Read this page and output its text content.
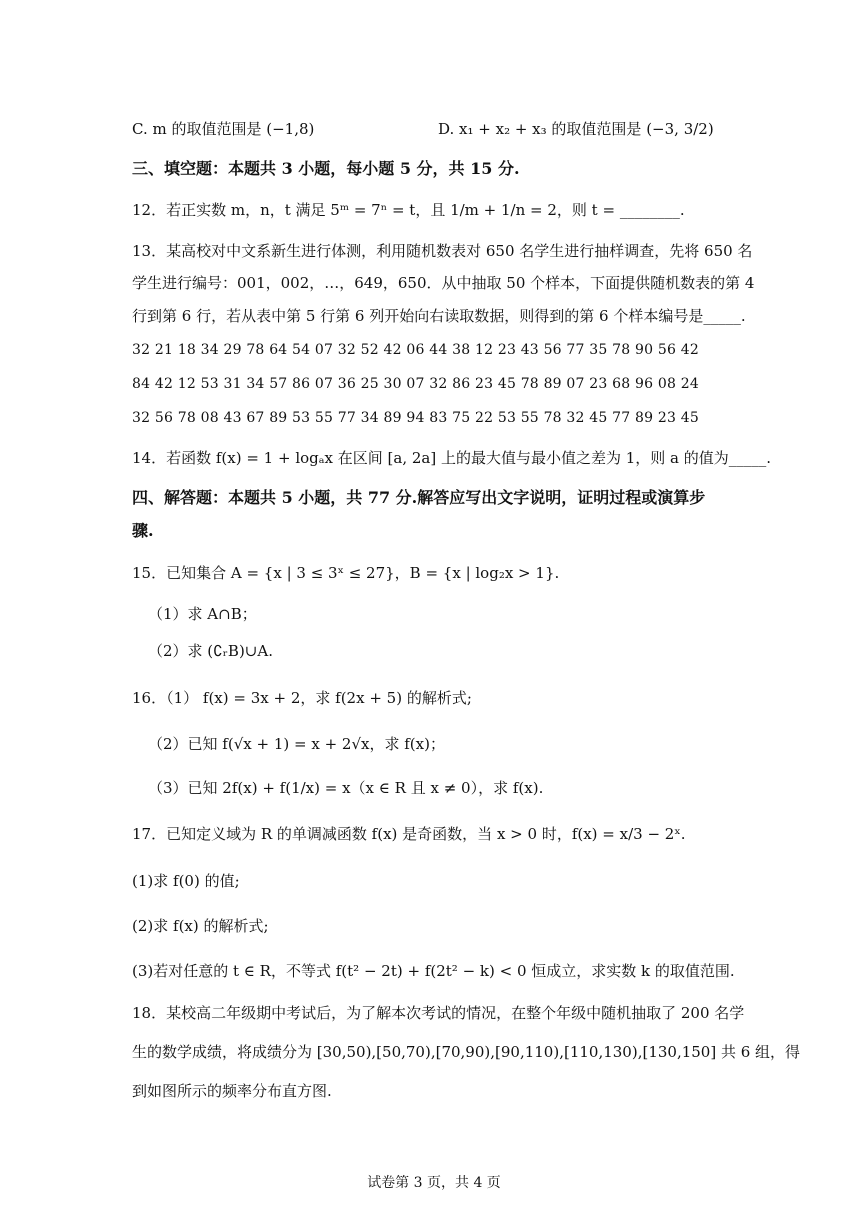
C. m 的取值范围是 (−1,8)	D. x₁ + x₂ + x₃ 的取值范围是 (−3, 3/2)
三、填空题：本题共 3 小题，每小题 5 分，共 15 分.
12．若正实数 m，n，t 满足 5ᵐ = 7ⁿ = t，且 1/m + 1/n = 2，则 t = ________.
13．某高校对中文系新生进行体测，利用随机数表对 650 名学生进行抽样调查，先将 650 名
学生进行编号：001，002，…，649，650．从中抽取 50 个样本，下面提供随机数表的第 4
行到第 6 行，若从表中第 5 行第 6 列开始向右读取数据，则得到的第 6 个样本编号是_____.
32 21 18 34 29 78 64 54 07 32 52 42 06 44 38 12 23 43 56 77 35 78 90 56 42
84 42 12 53 31 34 57 86 07 36 25 30 07 32 86 23 45 78 89 07 23 68 96 08 24
32 56 78 08 43 67 89 53 55 77 34 89 94 83 75 22 53 55 78 32 45 77 89 23 45
14．若函数 f(x) = 1 + logₐx 在区间 [a, 2a] 上的最大值与最小值之差为 1，则 a 的值为_____.
四、解答题：本题共 5 小题，共 77 分.解答应写出文字说明，证明过程或演算步
骤.
15．已知集合 A = {x | 3 ≤ 3ˣ ≤ 27}，B = {x | log₂x > 1}.
（1）求 A∩B；
（2）求 (∁ᵣB)∪A.
16．（1） f(x) = 3x + 2，求 f(2x + 5) 的解析式;
（2）已知 f(√x + 1) = x + 2√x，求 f(x)；
（3）已知 2f(x) + f(1/x) = x（x ∈ R 且 x ≠ 0），求 f(x).
17．已知定义域为 R 的单调减函数 f(x) 是奇函数，当 x > 0 时，f(x) = x/3 − 2ˣ.
(1)求 f(0) 的值;
(2)求 f(x) 的解析式;
(3)若对任意的 t ∈ R，不等式 f(t² − 2t) + f(2t² − k) < 0 恒成立，求实数 k 的取值范围.
18．某校高二年级期中考试后，为了解本次考试的情况，在整个年级中随机抽取了 200 名学
生的数学成绩，将成绩分为 [30,50),[50,70),[70,90),[90,110),[110,130),[130,150] 共 6 组，得
到如图所示的频率分布直方图.
试卷第 3 页，共 4 页
